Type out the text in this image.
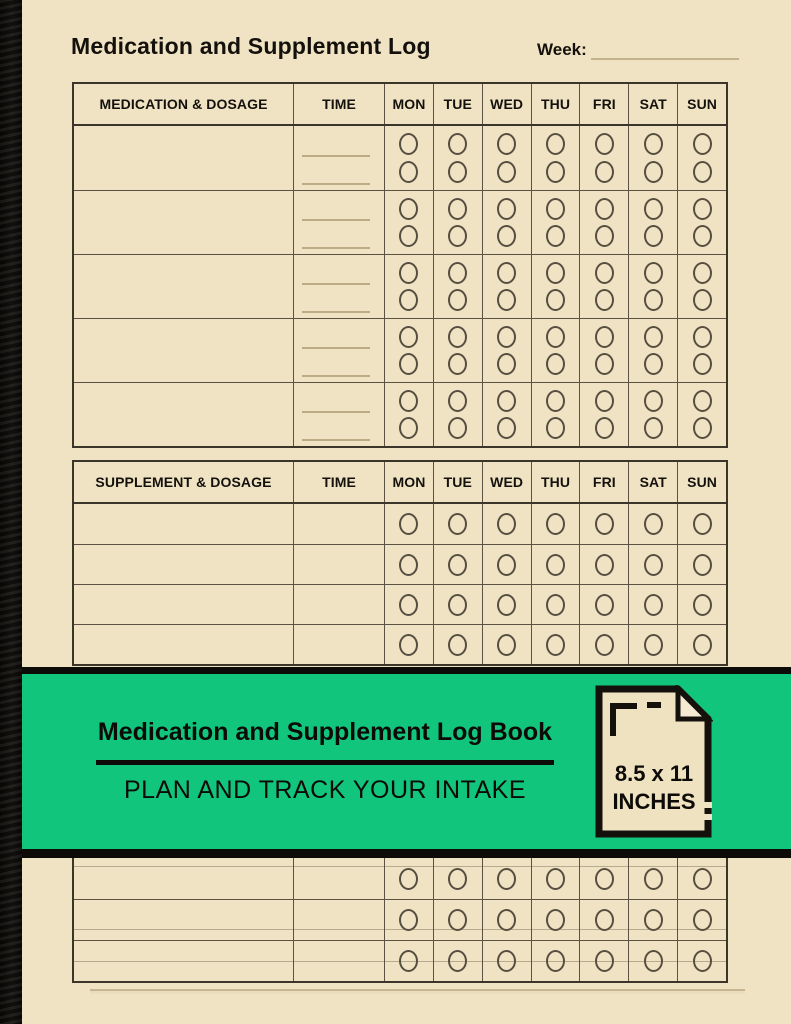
Medication and Supplement Log	Week:
MEDICATION & DOSAGE	TIME	MON	TUE	WED	THU	FRI	SAT	SUN
SUPPLEMENT & DOSAGE	TIME	MON	TUE	WED	THU	FRI	SAT	SUN
Medication and Supplement Log Book
PLAN AND TRACK YOUR INTAKE
8.5 x 11
INCHES
